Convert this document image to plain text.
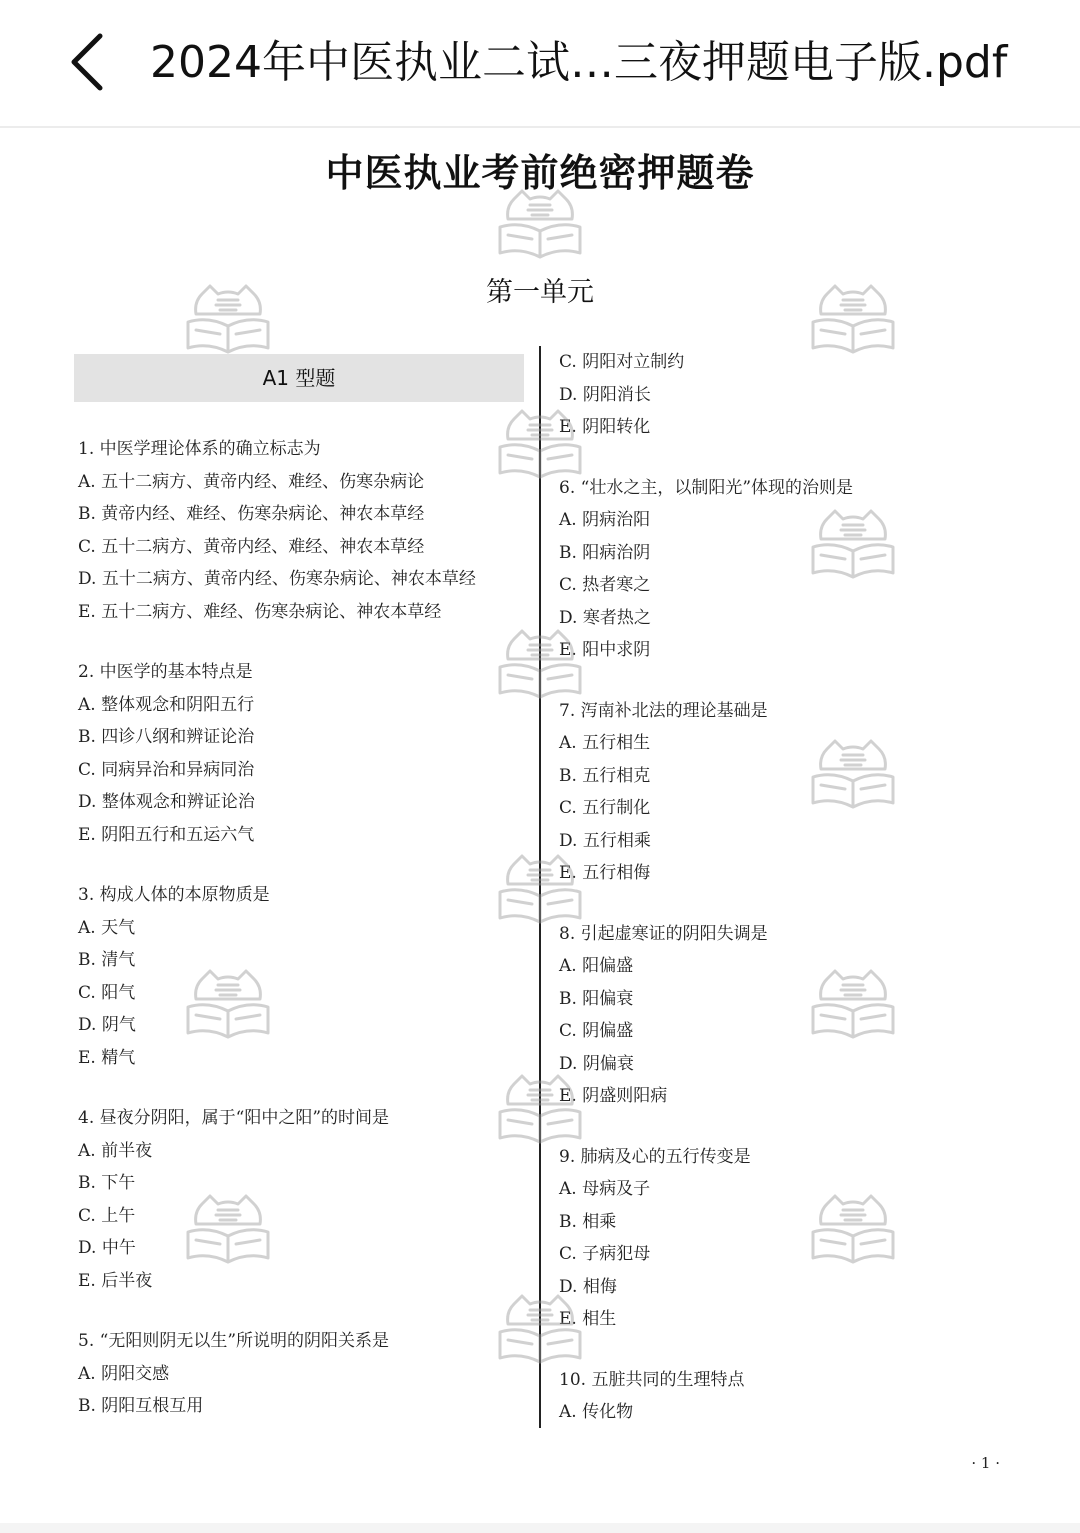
2024年中医执业二试…三夜押题电子版.pdf
中医执业考前绝密押题卷
第一单元
A1 型题
1. 中医学理论体系的确立标志为
A. 五十二病方、黄帝内经、难经、伤寒杂病论
B. 黄帝内经、难经、伤寒杂病论、神农本草经
C. 五十二病方、黄帝内经、难经、神农本草经
D. 五十二病方、黄帝内经、伤寒杂病论、神农本草经
E. 五十二病方、难经、伤寒杂病论、神农本草经
2. 中医学的基本特点是
A. 整体观念和阴阳五行
B. 四诊八纲和辨证论治
C. 同病异治和异病同治
D. 整体观念和辨证论治
E. 阴阳五行和五运六气
3. 构成人体的本原物质是
A. 天气
B. 清气
C. 阳气
D. 阴气
E. 精气
4. 昼夜分阴阳，属于“阳中之阳”的时间是
A. 前半夜
B. 下午
C. 上午
D. 中午
E. 后半夜
5. “无阳则阴无以生”所说明的阴阳关系是
A. 阴阳交感
B. 阴阳互根互用
C. 阴阳对立制约
D. 阴阳消长
E. 阴阳转化
6. “壮水之主，以制阳光”体现的治则是
A. 阴病治阳
B. 阳病治阴
C. 热者寒之
D. 寒者热之
E. 阳中求阴
7. 泻南补北法的理论基础是
A. 五行相生
B. 五行相克
C. 五行制化
D. 五行相乘
E. 五行相侮
8. 引起虚寒证的阴阳失调是
A. 阳偏盛
B. 阳偏衰
C. 阴偏盛
D. 阴偏衰
E. 阴盛则阳病
9. 肺病及心的五行传变是
A. 母病及子
B. 相乘
C. 子病犯母
D. 相侮
E. 相生
10. 五脏共同的生理特点
A. 传化物
· 1 ·
